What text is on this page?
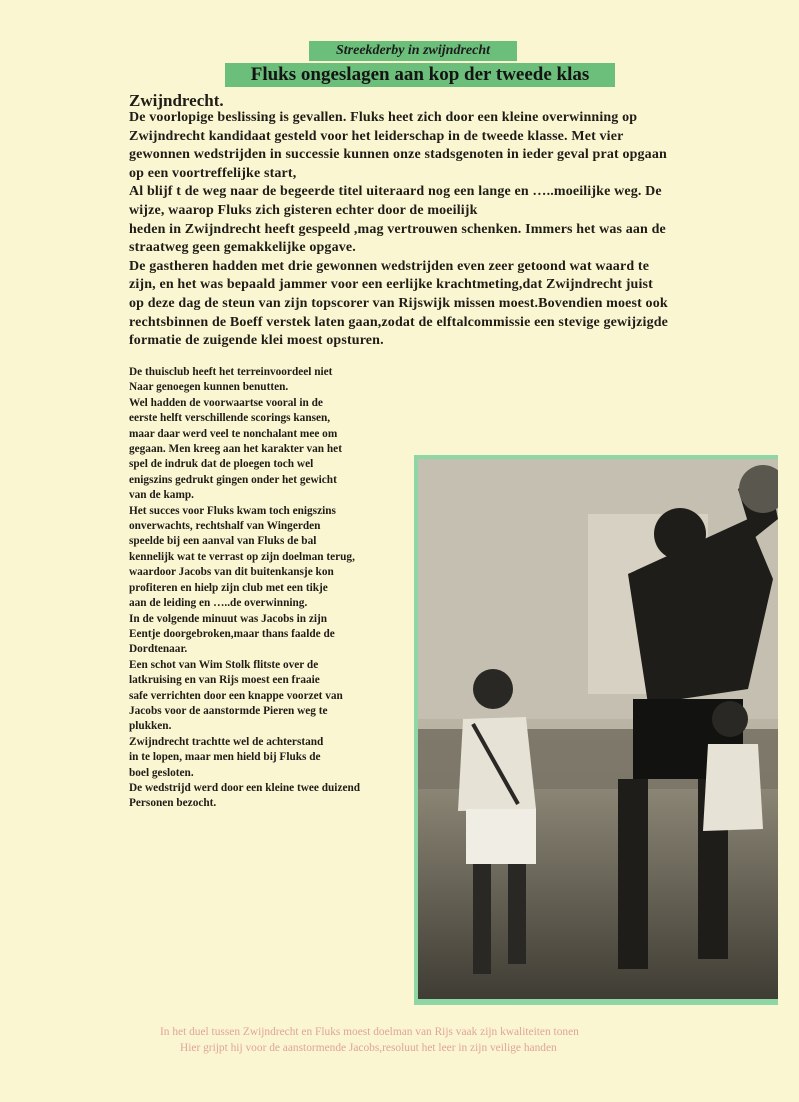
Streekderby in zwijndrecht
Fluks ongeslagen aan kop der tweede klas
Zwijndrecht.

De voorlopige beslissing is gevallen. Fluks heet zich door een kleine overwinning op

Zwijndrecht kandidaat gesteld voor het leiderschap in de tweede klasse. Met vier

gewonnen wedstrijden in successie kunnen onze stadsgenoten in ieder geval prat opgaan

op een voortreffelijke start,

Al blijf t de weg naar de begeerde titel uiteraard nog een lange en …..moeilijke weg. De

wijze, waarop Fluks zich gisteren echter door de moeilijk

heden in Zwijndrecht heeft gespeeld ,mag vertrouwen schenken. Immers het was aan de

straatweg geen gemakkelijke opgave.

De gastheren hadden met drie gewonnen wedstrijden even zeer getoond wat waard te

zijn, en het was bepaald jammer voor een eerlijke krachtmeting,dat Zwijndrecht juist

op deze dag de steun van zijn topscorer van Rijswijk missen moest.Bovendien moest ook

rechtsbinnen de Boeff verstek laten gaan,zodat de elftalcommissie een stevige gewijzigde

formatie de zuigende klei moest opsturen.

De thuisclub heeft het terreinvoordeel niet

Naar genoegen kunnen benutten.

Wel hadden de voorwaartse vooral in de

eerste helft verschillende scorings kansen,

maar daar werd veel te nonchalant mee om

gegaan. Men kreeg aan het karakter van het

spel de indruk dat de ploegen toch wel

enigszins gedrukt gingen onder het gewicht

van de kamp.

Het succes voor Fluks kwam toch enigszins

onverwachts, rechtshalf van Wingerden

speelde bij een aanval van Fluks de bal

kennelijk wat te verrast op zijn doelman terug,

waardoor Jacobs van dit buitenkansje kon

profiteren en hielp zijn club met een tikje

aan de leiding en …..de overwinning.

In de volgende minuut was Jacobs in zijn

Eentje doorgebroken,maar thans faalde de

Dordtenaar.

Een schot van Wim Stolk flitste over de

latkruising en van Rijs moest een fraaie

safe verrichten door een knappe voorzet van

Jacobs voor de aanstormde Pieren weg te

plukken.

Zwijndrecht trachtte wel de achterstand

in te lopen, maar men hield bij Fluks de

boel gesloten.

De wedstrijd werd door een kleine twee duizend

Personen bezocht.

In het duel tussen Zwijndrecht en Fluks moest doelman van Rijs vaak zijn kwaliteiten tonen

Hier grijpt hij voor de aanstormende Jacobs,resoluut het leer in zijn veilige handen
